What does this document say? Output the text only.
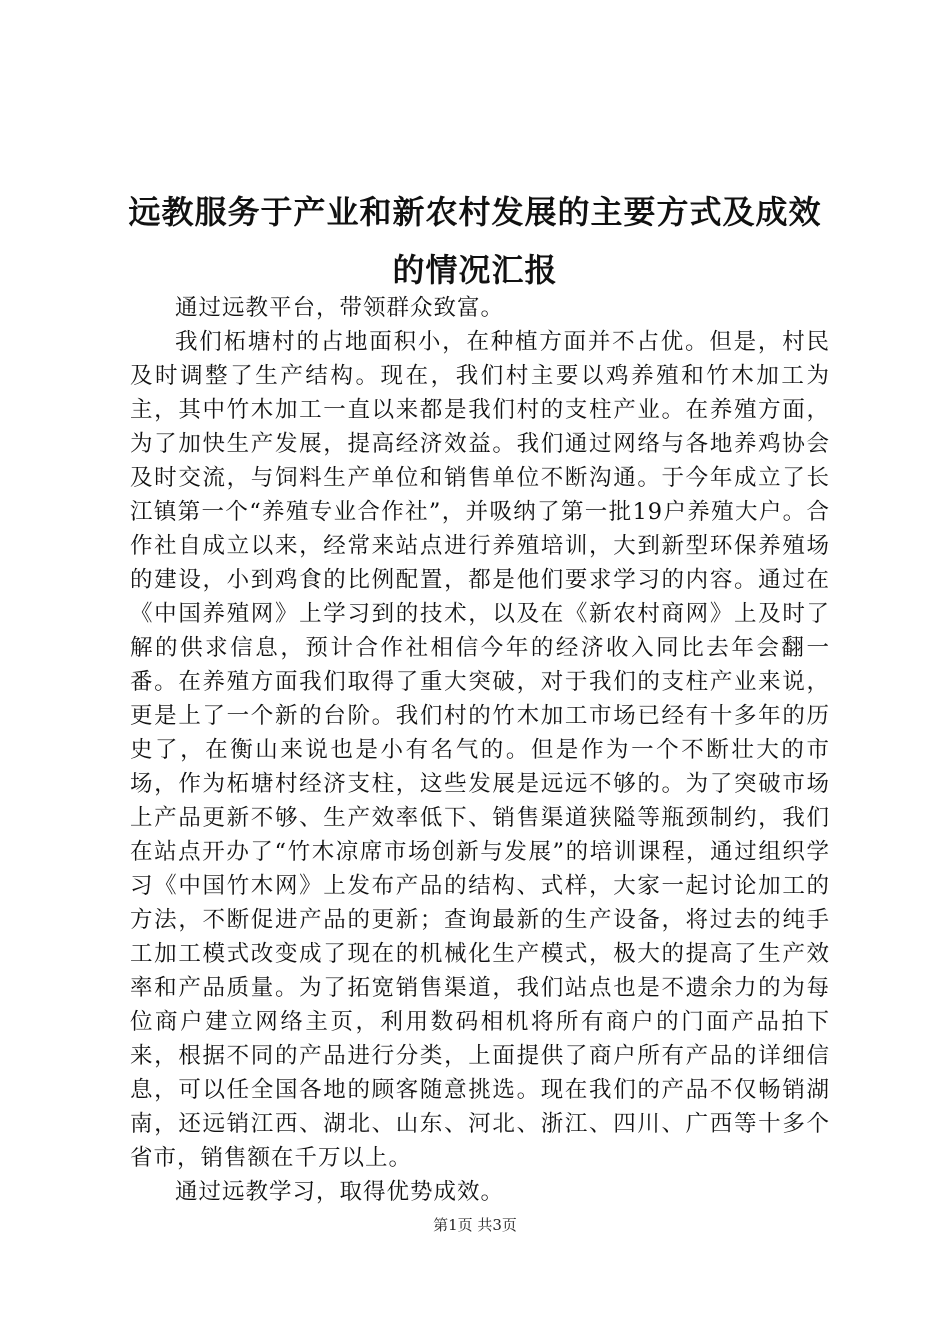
远教服务于产业和新农村发展的主要方式及成效的情况汇报

通过远教平台，带领群众致富。

我们柘塘村的占地面积小，在种植方面并不占优。但是，村民及时调整了生产结构。现在，我们村主要以鸡养殖和竹木加工为主，其中竹木加工一直以来都是我们村的支柱产业。在养殖方面，为了加快生产发展，提高经济效益。我们通过网络与各地养鸡协会及时交流，与饲料生产单位和销售单位不断沟通。于今年成立了长江镇第一个“养殖专业合作社”，并吸纳了第一批19户养殖大户。合作社自成立以来，经常来站点进行养殖培训，大到新型环保养殖场的建设，小到鸡食的比例配置，都是他们要求学习的内容。通过在《中国养殖网》上学习到的技术，以及在《新农村商网》上及时了解的供求信息，预计合作社相信今年的经济收入同比去年会翻一番。在养殖方面我们取得了重大突破，对于我们的支柱产业来说，更是上了一个新的台阶。我们村的竹木加工市场已经有十多年的历史了，在衡山来说也是小有名气的。但是作为一个不断壮大的市场，作为柘塘村经济支柱，这些发展是远远不够的。为了突破市场上产品更新不够、生产效率低下、销售渠道狭隘等瓶颈制约，我们在站点开办了“竹木凉席市场创新与发展”的培训课程，通过组织学习《中国竹木网》上发布产品的结构、式样，大家一起讨论加工的方法，不断促进产品的更新；查询最新的生产设备，将过去的纯手工加工模式改变成了现在的机械化生产模式，极大的提高了生产效率和产品质量。为了拓宽销售渠道，我们站点也是不遗余力的为每位商户建立网络主页，利用数码相机将所有商户的门面产品拍下来，根据不同的产品进行分类，上面提供了商户所有产品的详细信息，可以任全国各地的顾客随意挑选。现在我们的产品不仅畅销湖南，还远销江西、湖北、山东、河北、浙江、四川、广西等十多个省市，销售额在千万以上。

通过远教学习，取得优势成效。

第1页 共3页
